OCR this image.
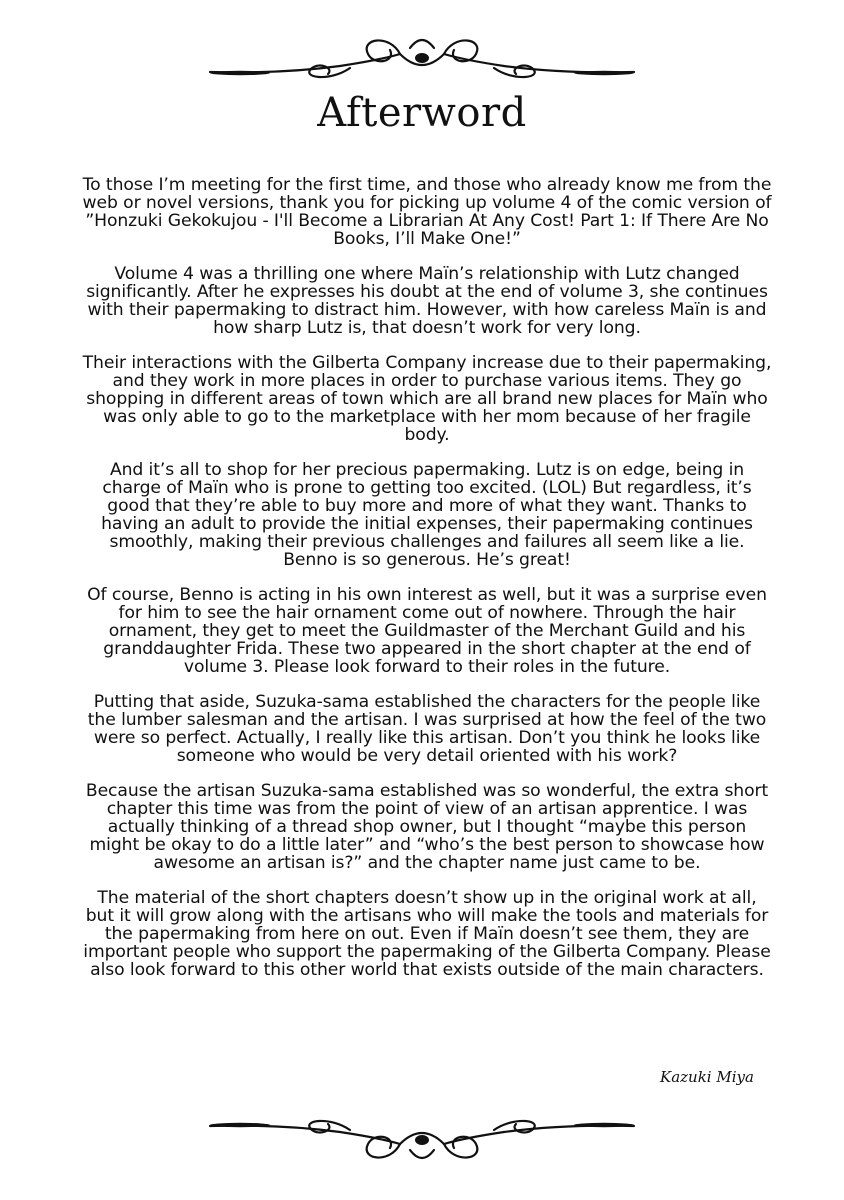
Afterword

To those I’m meeting for the first time, and those who already know me from the web or novel versions, thank you for picking up volume 4 of the comic version of ”Honzuki Gekokujou - I'll Become a Librarian At Any Cost! Part 1: If There Are No Books, I’ll Make One!”

Volume 4 was a thrilling one where Maïn’s relationship with Lutz changed significantly. After he expresses his doubt at the end of volume 3, she continues with their papermaking to distract him. However, with how careless Maïn is and how sharp Lutz is, that doesn’t work for very long.

Their interactions with the Gilberta Company increase due to their papermaking, and they work in more places in order to purchase various items. They go shopping in different areas of town which are all brand new places for Maïn who was only able to go to the marketplace with her mom because of her fragile body.

And it’s all to shop for her precious papermaking. Lutz is on edge, being in charge of Maïn who is prone to getting too excited. (LOL) But regardless, it’s good that they’re able to buy more and more of what they want. Thanks to having an adult to provide the initial expenses, their papermaking continues smoothly, making their previous challenges and failures all seem like a lie. Benno is so generous. He’s great!

Of course, Benno is acting in his own interest as well, but it was a surprise even for him to see the hair ornament come out of nowhere. Through the hair ornament, they get to meet the Guildmaster of the Merchant Guild and his granddaughter Frida. These two appeared in the short chapter at the end of volume 3. Please look forward to their roles in the future.

Putting that aside, Suzuka-sama established the characters for the people like the lumber salesman and the artisan. I was surprised at how the feel of the two were so perfect. Actually, I really like this artisan. Don’t you think he looks like someone who would be very detail oriented with his work?

Because the artisan Suzuka-sama established was so wonderful, the extra short chapter this time was from the point of view of an artisan apprentice. I was actually thinking of a thread shop owner, but I thought “maybe this person might be okay to do a little later” and “who’s the best person to showcase how awesome an artisan is?” and the chapter name just came to be.

The material of the short chapters doesn’t show up in the original work at all, but it will grow along with the artisans who will make the tools and materials for the papermaking from here on out. Even if Maïn doesn’t see them, they are important people who support the papermaking of the Gilberta Company. Please also look forward to this other world that exists outside of the main characters.

Kazuki Miya
